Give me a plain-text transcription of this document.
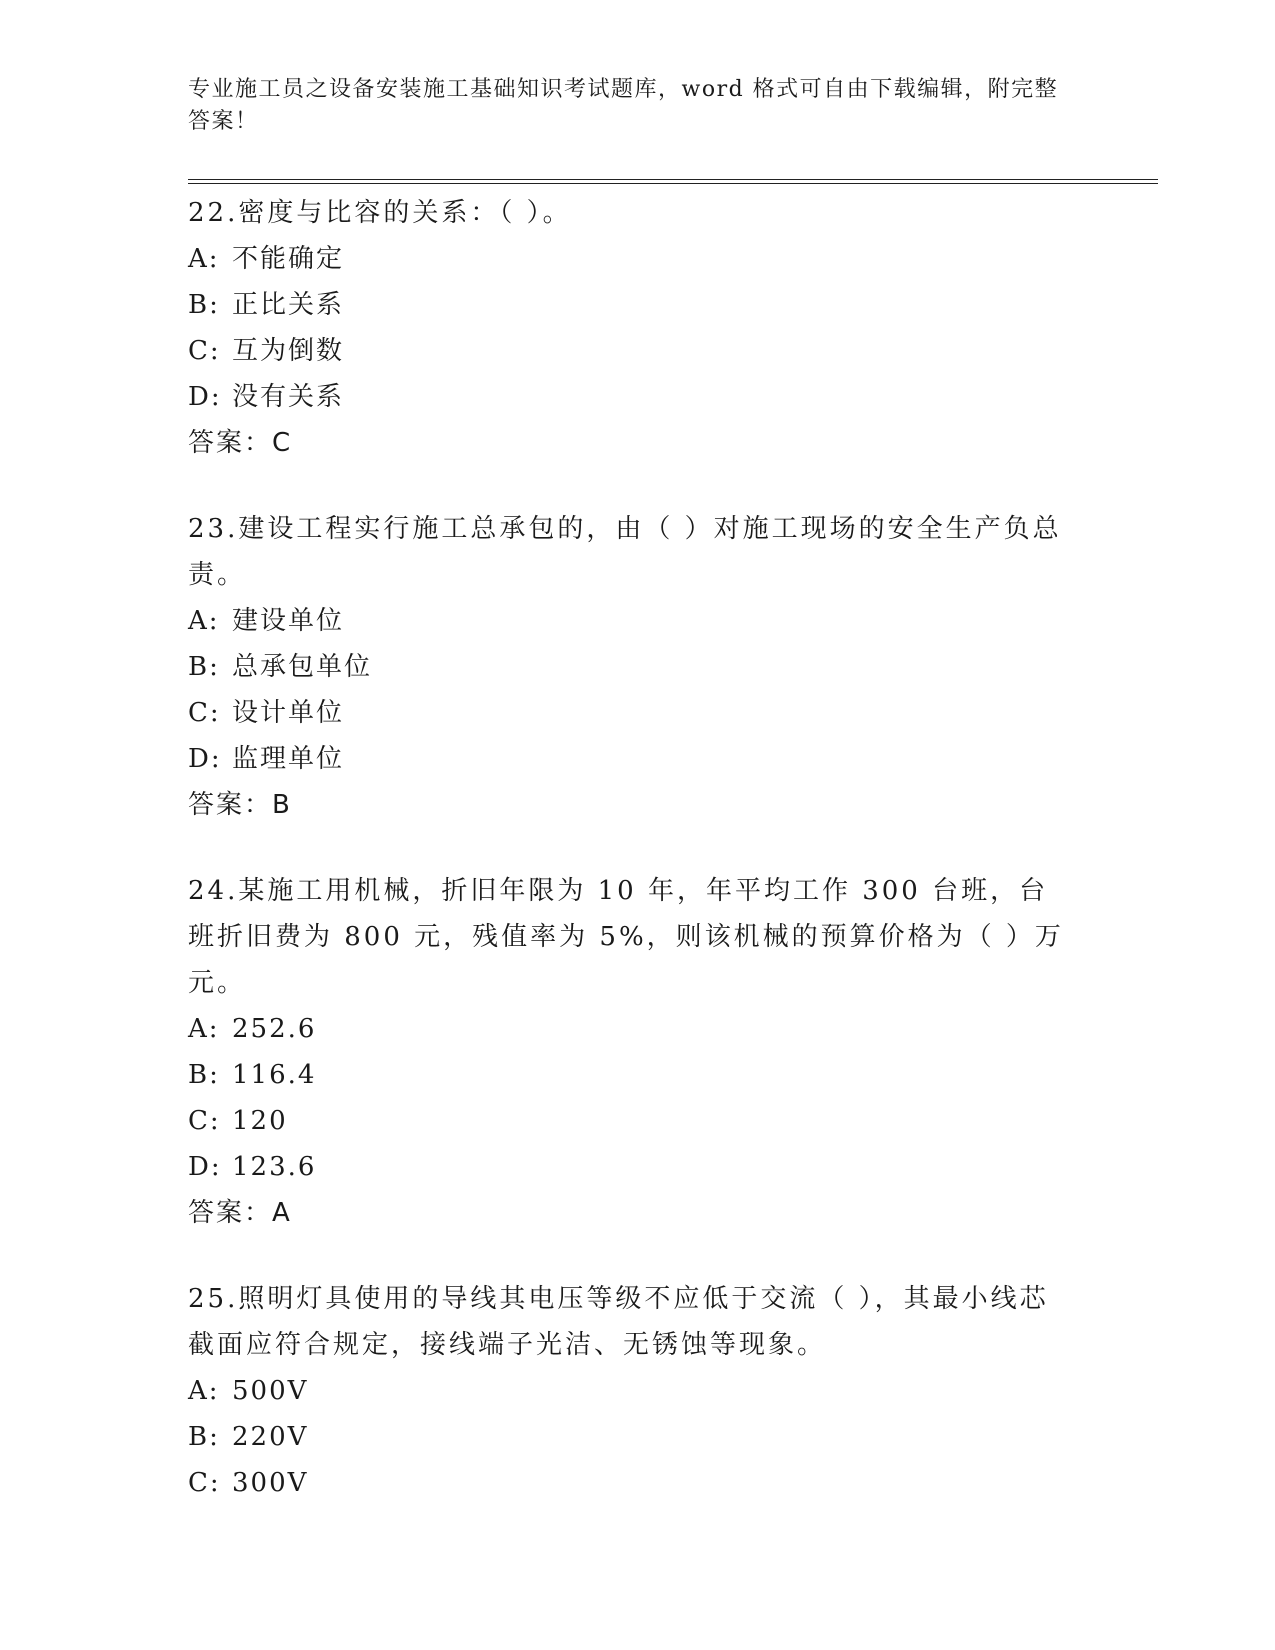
专业施工员之设备安装施工基础知识考试题库，word 格式可自由下载编辑，附完整答案！
22.密度与比容的关系：（ ）。
A: 不能确定
B: 正比关系
C: 互为倒数
D: 没有关系
答案：C
23.建设工程实行施工总承包的，由（ ）对施工现场的安全生产负总责。
A: 建设单位
B: 总承包单位
C: 设计单位
D: 监理单位
答案：B
24.某施工用机械，折旧年限为 10 年，年平均工作 300 台班，台班折旧费为 800 元，残值率为 5%，则该机械的预算价格为（ ）万元。
A: 252.6
B: 116.4
C: 120
D: 123.6
答案：A
25.照明灯具使用的导线其电压等级不应低于交流（ ），其最小线芯截面应符合规定，接线端子光洁、无锈蚀等现象。
A: 500V
B: 220V
C: 300V
